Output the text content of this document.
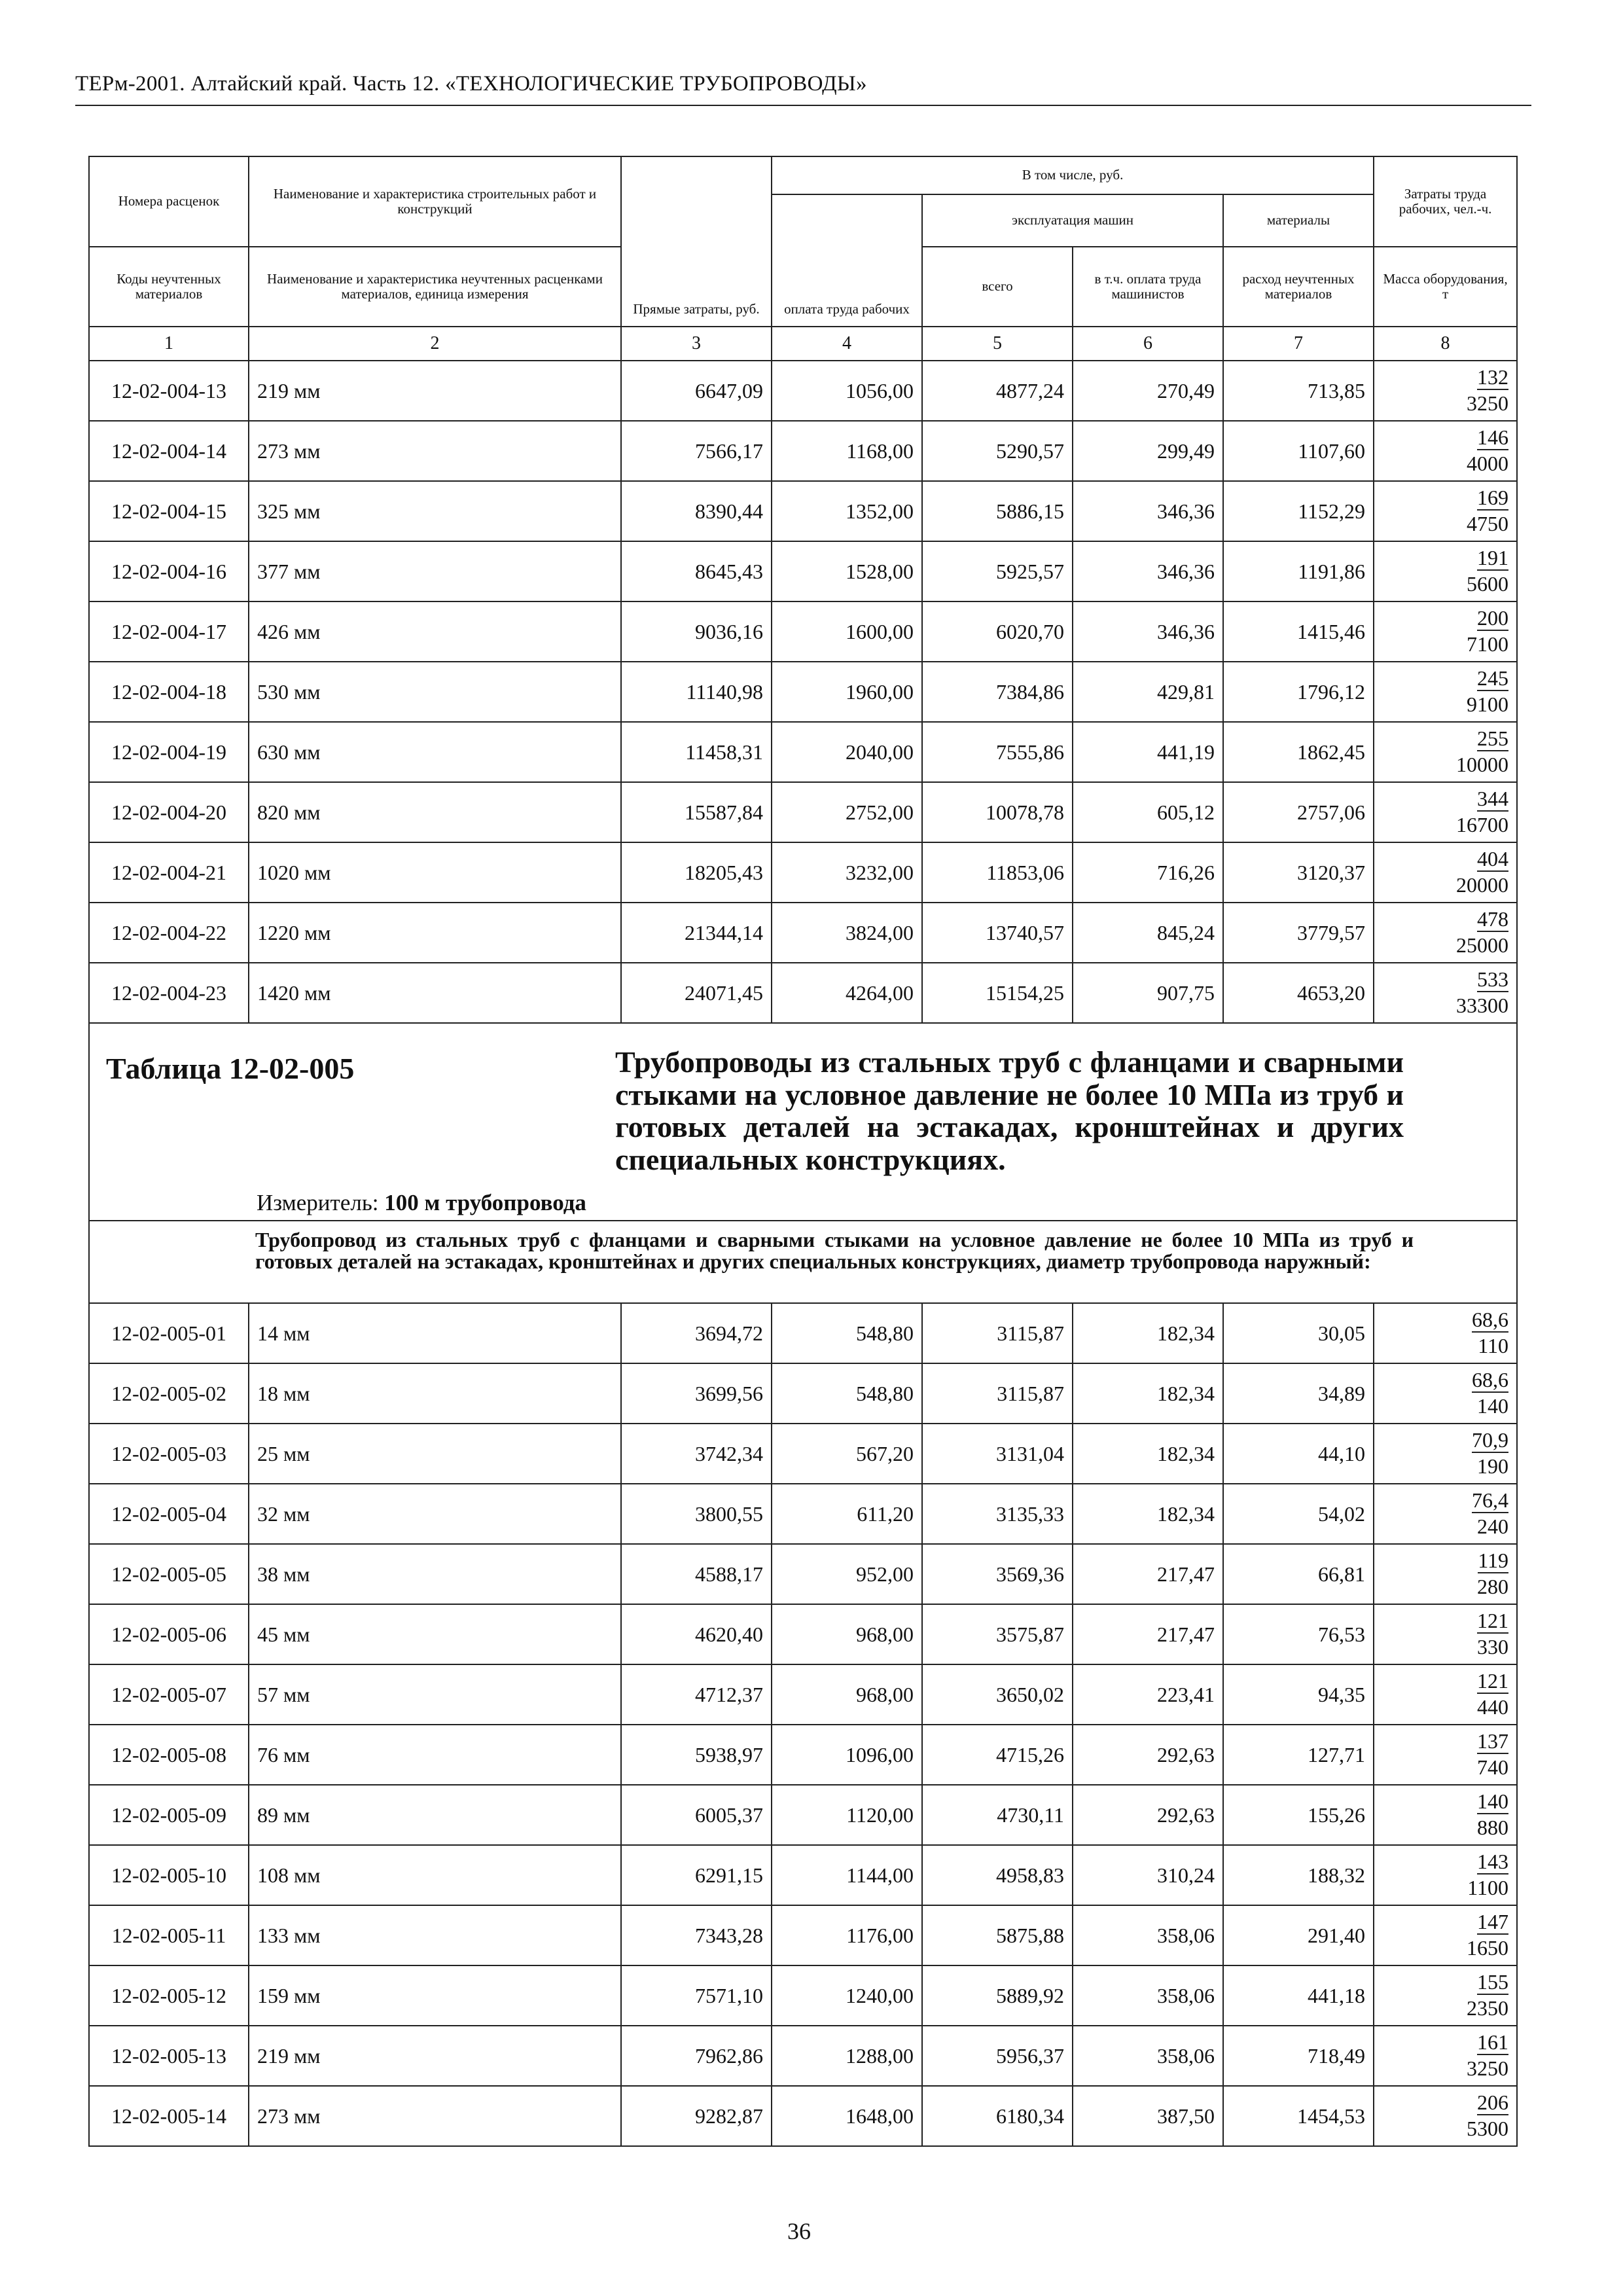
ТЕРм-2001. Алтайский край. Часть 12. «ТЕХНОЛОГИЧЕСКИЕ ТРУБОПРОВОДЫ»
Номера расценок	Наименование и характеристика строительных работ и конструкций	Прямые затраты, руб.	В том числе, руб.				Затраты труда рабочих, чел.-ч.
			оплата труда рабочих	эксплуатация машин		материалы	

Коды неучтенных материалов	Наименование и характеристика неучтенных расценками материалов, единица измерения			всего	в т.ч. оплата труда машинистов	расход неучтенных материалов	Масса оборудования, т

1	2	3	4	5	6	7	8
12-02-004-13	219 мм	6647,09	1056,00	4877,24	270,49	713,85	$\frac{132}{3250}$

12-02-004-14	273 мм	7566,17	1168,00	5290,57	299,49	1107,60	$\frac{146}{4000}$

12-02-004-15	325 мм	8390,44	1352,00	5886,15	346,36	1152,29	$\frac{169}{4750}$

12-02-004-16	377 мм	8645,43	1528,00	5925,57	346,36	1191,86	$\frac{191}{5600}$

12-02-004-17	426 мм	9036,16	1600,00	6020,70	346,36	1415,46	$\frac{200}{7100}$

12-02-004-18	530 мм	11140,98	1960,00	7384,86	429,81	1796,12	$\frac{245}{9100}$

12-02-004-19	630 мм	11458,31	2040,00	7555,86	441,19	1862,45	$\frac{255}{10000}$

12-02-004-20	820 мм	15587,84	2752,00	10078,78	605,12	2757,06	$\frac{344}{16700}$

12-02-004-21	1020 мм	18205,43	3232,00	11853,06	716,26	3120,37	$\frac{404}{20000}$

12-02-004-22	1220 мм	21344,14	3824,00	13740,57	845,24	3779,57	$\frac{478}{25000}$

12-02-004-23	1420 мм	24071,45	4264,00	15154,25	907,75	4653,20	$\frac{533}{33300}$

Таблица 12-02-005 Трубопроводы из стальных труб с фланцами и сварными стыками на условное давление не более 10 МПа из труб и готовых деталей на эстакадах, кронштейнах и других специальных конструкциях.
Измеритель: 100 м трубопровода							

Трубопровод из стальных труб с фланцами и сварными стыками на условное давление не более 10 МПа из труб и готовых деталей на эстакадах, кронштейнах и других специальных конструкциях, диаметр трубопровода наружный:							

12-02-005-01	14 мм	3694,72	548,80	3115,87	182,34	30,05	$\frac{68,6}{110}$

12-02-005-02	18 мм	3699,56	548,80	3115,87	182,34	34,89	$\frac{68,6}{140}$

12-02-005-03	25 мм	3742,34	567,20	3131,04	182,34	44,10	$\frac{70,9}{190}$

12-02-005-04	32 мм	3800,55	611,20	3135,33	182,34	54,02	$\frac{76,4}{240}$

12-02-005-05	38 мм	4588,17	952,00	3569,36	217,47	66,81	$\frac{119}{280}$

12-02-005-06	45 мм	4620,40	968,00	3575,87	217,47	76,53	$\frac{121}{330}$

12-02-005-07	57 мм	4712,37	968,00	3650,02	223,41	94,35	$\frac{121}{440}$

12-02-005-08	76 мм	5938,97	1096,00	4715,26	292,63	127,71	$\frac{137}{740}$

12-02-005-09	89 мм	6005,37	1120,00	4730,11	292,63	155,26	$\frac{140}{880}$

12-02-005-10	108 мм	6291,15	1144,00	4958,83	310,24	188,32	$\frac{143}{1100}$

12-02-005-11	133 мм	7343,28	1176,00	5875,88	358,06	291,40	$\frac{147}{1650}$

12-02-005-12	159 мм	7571,10	1240,00	5889,92	358,06	441,18	$\frac{155}{2350}$

12-02-005-13	219 мм	7962,86	1288,00	5956,37	358,06	718,49	$\frac{161}{3250}$

12-02-005-14	273 мм	9282,87	1648,00	6180,34	387,50	1454,53	$\frac{206}{5300}$
36
